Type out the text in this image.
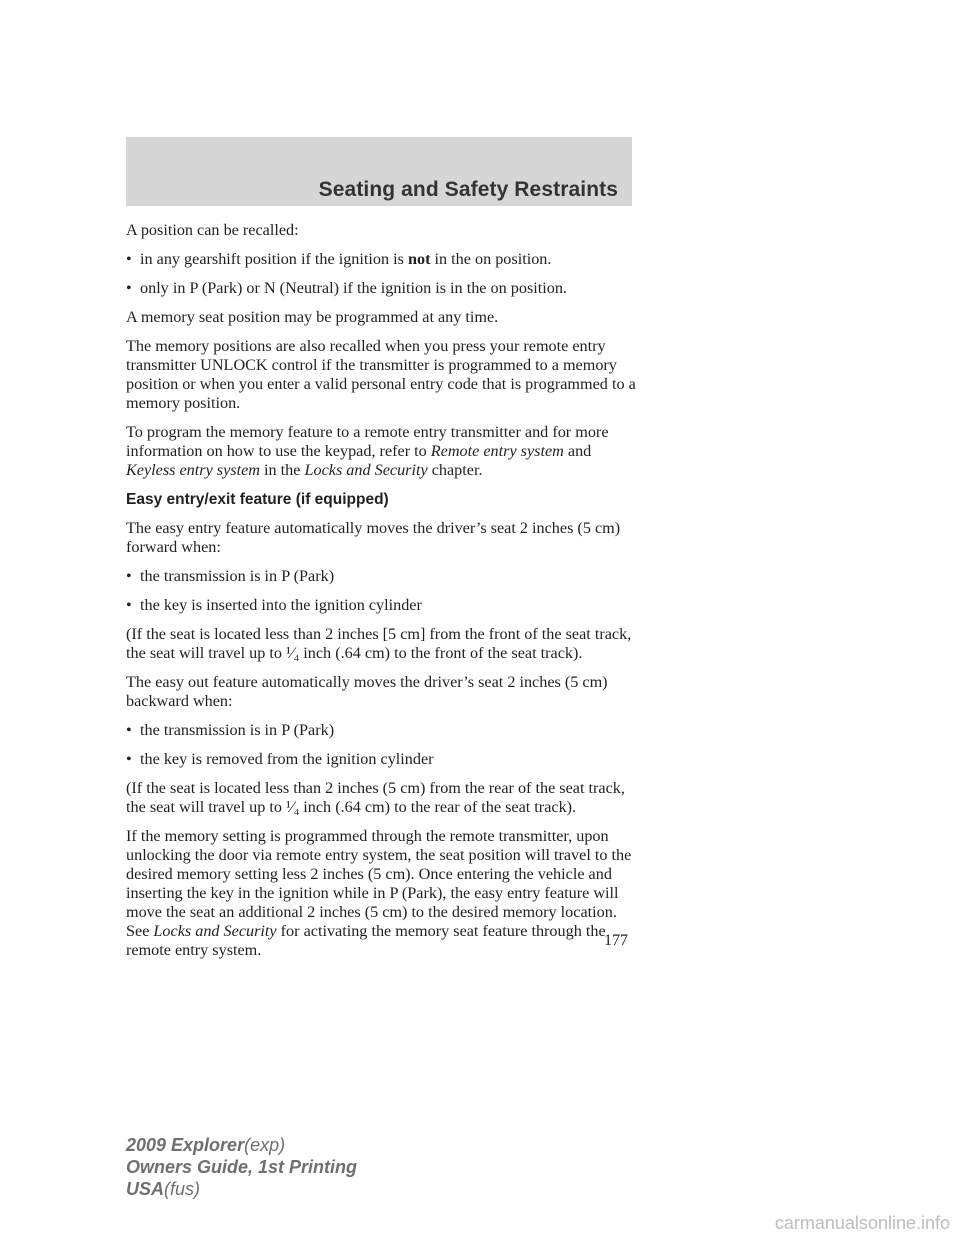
Seating and Safety Restraints

A position can be recalled:

• in any gearshift position if the ignition is not in the on position.
• only in P (Park) or N (Neutral) if the ignition is in the on position.

A memory seat position may be programmed at any time.

The memory positions are also recalled when you press your remote entry transmitter UNLOCK control if the transmitter is programmed to a memory position or when you enter a valid personal entry code that is programmed to a memory position.

To program the memory feature to a remote entry transmitter and for more information on how to use the keypad, refer to Remote entry system and Keyless entry system in the Locks and Security chapter.

Easy entry/exit feature (if equipped)

The easy entry feature automatically moves the driver’s seat 2 inches (5 cm) forward when:

• the transmission is in P (Park)
• the key is inserted into the ignition cylinder

(If the seat is located less than 2 inches [5 cm] from the front of the seat track, the seat will travel up to ¹⁄₄ inch (.64 cm) to the front of the seat track).

The easy out feature automatically moves the driver’s seat 2 inches (5 cm) backward when:

• the transmission is in P (Park)
• the key is removed from the ignition cylinder

(If the seat is located less than 2 inches (5 cm) from the rear of the seat track, the seat will travel up to ¹⁄₄ inch (.64 cm) to the rear of the seat track).

If the memory setting is programmed through the remote transmitter, upon unlocking the door via remote entry system, the seat position will travel to the desired memory setting less 2 inches (5 cm). Once entering the vehicle and inserting the key in the ignition while in P (Park), the easy entry feature will move the seat an additional 2 inches (5 cm) to the desired memory location. See Locks and Security for activating the memory seat feature through the remote entry system.

177
2009 Explorer(exp)
Owners Guide, 1st Printing
USA(fus)
carmanualsonline.info
